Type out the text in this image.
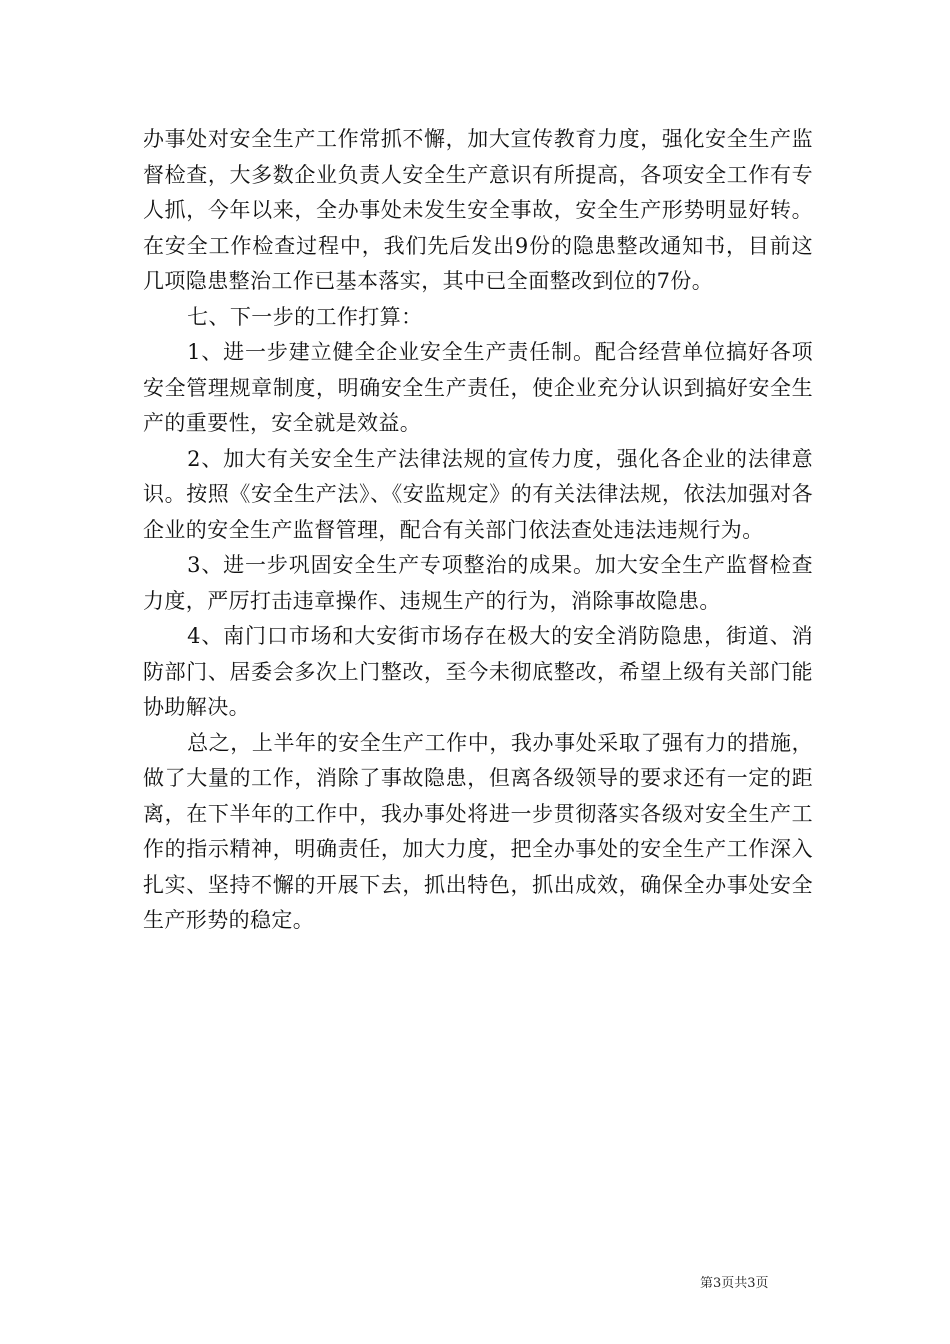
办事处对安全生产工作常抓不懈，加大宣传教育力度，强化安全生产监督检查，大多数企业负责人安全生产意识有所提高，各项安全工作有专人抓，今年以来，全办事处未发生安全事故，安全生产形势明显好转。在安全工作检查过程中，我们先后发出9份的隐患整改通知书，目前这几项隐患整治工作已基本落实，其中已全面整改到位的7份。

七、下一步的工作打算：

1、进一步建立健全企业安全生产责任制。配合经营单位搞好各项安全管理规章制度，明确安全生产责任，使企业充分认识到搞好安全生产的重要性，安全就是效益。

2、加大有关安全生产法律法规的宣传力度，强化各企业的法律意识。按照《安全生产法》、《安监规定》的有关法律法规，依法加强对各企业的安全生产监督管理，配合有关部门依法查处违法违规行为。

3、进一步巩固安全生产专项整治的成果。加大安全生产监督检查力度，严厉打击违章操作、违规生产的行为，消除事故隐患。

4、南门口市场和大安街市场存在极大的安全消防隐患，街道、消防部门、居委会多次上门整改，至今未彻底整改，希望上级有关部门能协助解决。

总之，上半年的安全生产工作中，我办事处采取了强有力的措施，做了大量的工作，消除了事故隐患，但离各级领导的要求还有一定的距离，在下半年的工作中，我办事处将进一步贯彻落实各级对安全生产工作的指示精神，明确责任，加大力度，把全办事处的安全生产工作深入扎实、坚持不懈的开展下去，抓出特色，抓出成效，确保全办事处安全生产形势的稳定。

第3页共3页
